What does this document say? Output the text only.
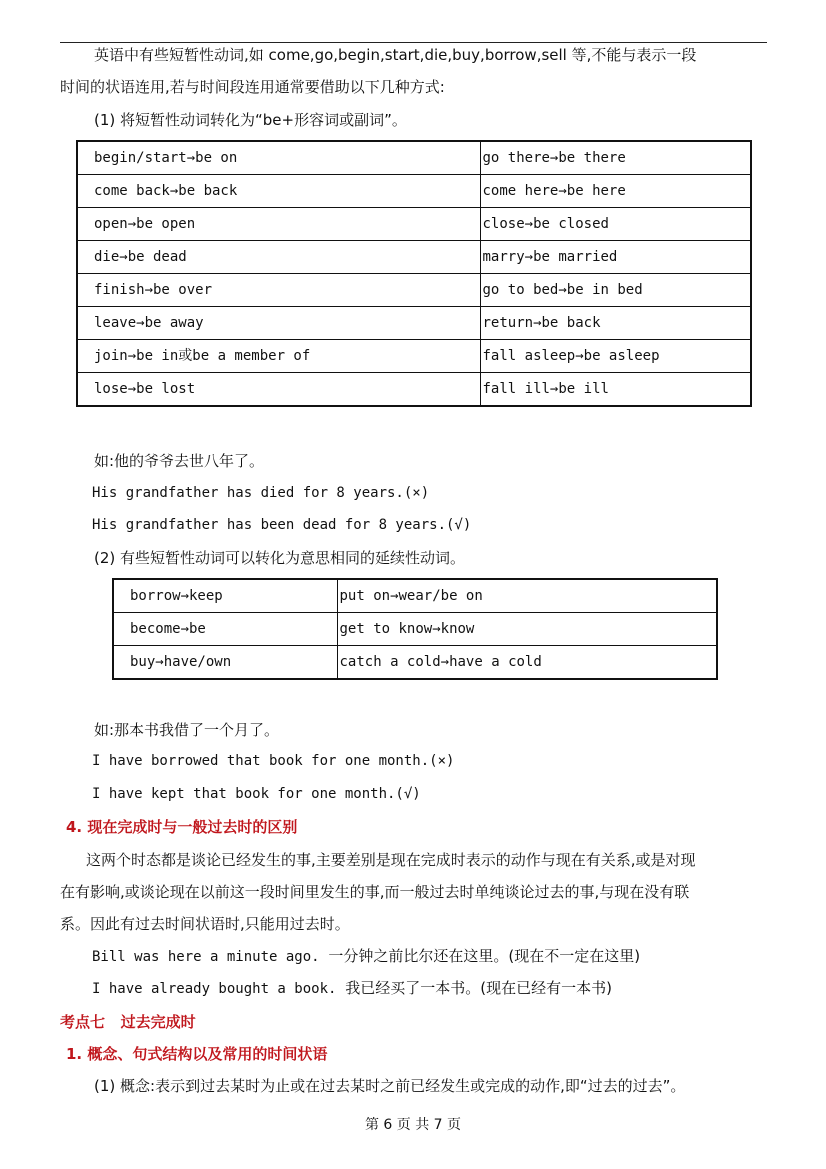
英语中有些短暂性动词,如 come,go,begin,start,die,buy,borrow,sell 等,不能与表示一段
时间的状语连用,若与时间段连用通常要借助以下几种方式:
(1) 将短暂性动词转化为“be+形容词或副词”。
begin/start→be on	go there→be there
come back→be back	come here→be here
open→be open	close→be closed
die→be dead	marry→be married
finish→be over	go to bed→be in bed
leave→be away	return→be back
join→be in或be a member of	fall asleep→be asleep
lose→be lost	fall ill→be ill
如:他的爷爷去世八年了。
His grandfather has died for 8 years.(×)
His grandfather has been dead for 8 years.(√)
(2) 有些短暂性动词可以转化为意思相同的延续性动词。
borrow→keep	put on→wear/be on
become→be	get to know→know
buy→have/own	catch a cold→have a cold
如:那本书我借了一个月了。
I have borrowed that book for one month.(×)
I have kept that book for one month.(√)
4. 现在完成时与一般过去时的区别
这两个时态都是谈论已经发生的事,主要差别是现在完成时表示的动作与现在有关系,或是对现
在有影响,或谈论现在以前这一段时间里发生的事,而一般过去时单纯谈论过去的事,与现在没有联
系。因此有过去时间状语时,只能用过去时。
Bill was here a minute ago. 一分钟之前比尔还在这里。(现在不一定在这里)
I have already bought a book. 我已经买了一本书。(现在已经有一本书)
考点七   过去完成时
1. 概念、句式结构以及常用的时间状语
(1) 概念:表示到过去某时为止或在过去某时之前已经发生或完成的动作,即“过去的过去”。
第 6 页 共 7 页
